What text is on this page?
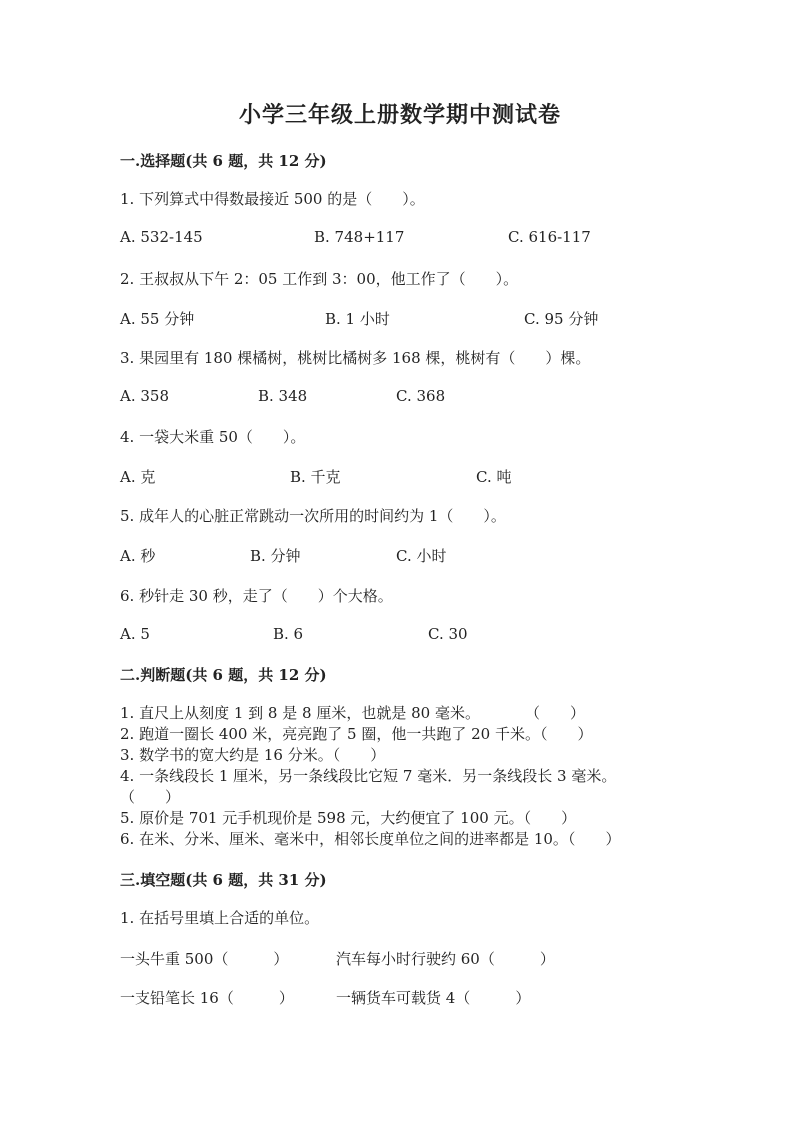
小学三年级上册数学期中测试卷
一.选择题(共 6 题，共 12 分)
1. 下列算式中得数最接近 500 的是（　　）。
A. 532-145	B. 748+117	C. 616-117
2. 王叔叔从下午 2：05 工作到 3：00，他工作了（　　）。
A. 55 分钟	B. 1 小时	C. 95 分钟
3. 果园里有 180 棵橘树，桃树比橘树多 168 棵，桃树有（　　）棵。
A. 358	B. 348	C. 368
4. 一袋大米重 50（　　）。
A. 克	B. 千克	C. 吨
5. 成年人的心脏正常跳动一次所用的时间约为 1（　　）。
A. 秒	B. 分钟	C. 小时
6. 秒针走 30 秒，走了（　　）个大格。
A. 5	B. 6	C. 30
二.判断题(共 6 题，共 12 分)
1. 直尺上从刻度 1 到 8 是 8 厘米，也就是 80 毫米。　　　　（　　）
2. 跑道一圈长 400 米，亮亮跑了 5 圈，他一共跑了 20 千米。（　　）
3. 数学书的宽大约是 16 分米。（　　）
4. 一条线段长 1 厘米，另一条线段比它短 7 毫米．另一条线段长 3 毫米。
（　　）
5. 原价是 701 元手机现价是 598 元，大约便宜了 100 元。（　　）
6. 在米、分米、厘米、毫米中，相邻长度单位之间的进率都是 10。（　　）
三.填空题(共 6 题，共 31 分)
1. 在括号里填上合适的单位。
一头牛重 500（　　　）	汽车每小时行驶约 60（　　　）
一支铅笔长 16（　　　）	一辆货车可载货 4（　　　）
